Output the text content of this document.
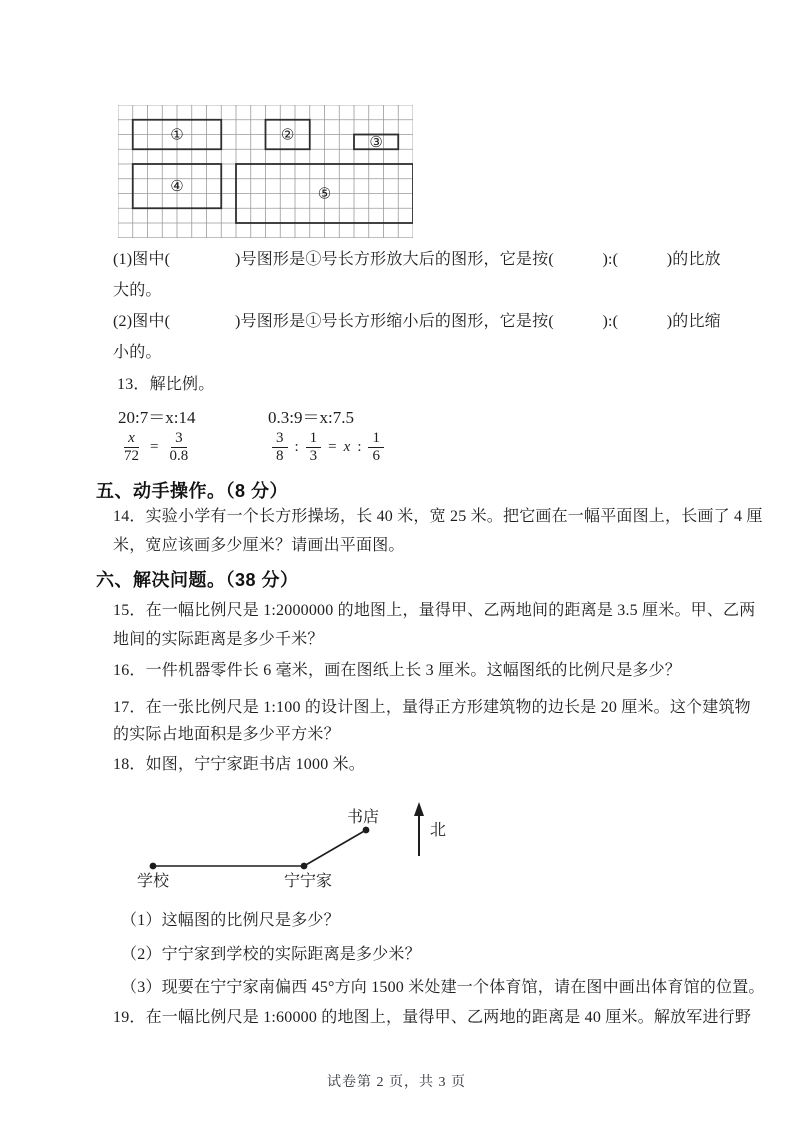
①	②	③
④	⑤
(1)图中(　　　　)号图形是①号长方形放大后的图形，它是按(　　　):(　　　)的比放
大的。
(2)图中(　　　　)号图形是①号长方形缩小后的图形，它是按(　　　):(　　　)的比缩
小的。
13．解比例。
20:7＝x:14	0.3:9＝x:7.5
$\frac{x}{72} = \frac{3}{0.8}$	$\frac{3}{8}$ : $\frac{1}{3} = x$ : $\frac{1}{6}$
五、动手操作。（8 分）
14．实验小学有一个长方形操场，长 40 米，宽 25 米。把它画在一幅平面图上，长画了 4 厘
米，宽应该画多少厘米？请画出平面图。
六、解决问题。（38 分）
15．在一幅比例尺是 1:2000000 的地图上，量得甲、乙两地间的距离是 3.5 厘米。甲、乙两
地间的实际距离是多少千米？
16．一件机器零件长 6 毫米，画在图纸上长 3 厘米。这幅图纸的比例尺是多少？
17．在一张比例尺是 1:100 的设计图上，量得正方形建筑物的边长是 20 厘米。这个建筑物
的实际占地面积是多少平方米？
18．如图，宁宁家距书店 1000 米。
学校	宁宁家
书店
北
（1）这幅图的比例尺是多少？
（2）宁宁家到学校的实际距离是多少米？
（3）现要在宁宁家南偏西 45°方向 1500 米处建一个体育馆，请在图中画出体育馆的位置。
19．在一幅比例尺是 1:60000 的地图上，量得甲、乙两地的距离是 40 厘米。解放军进行野
试卷第 2 页，共 3 页
